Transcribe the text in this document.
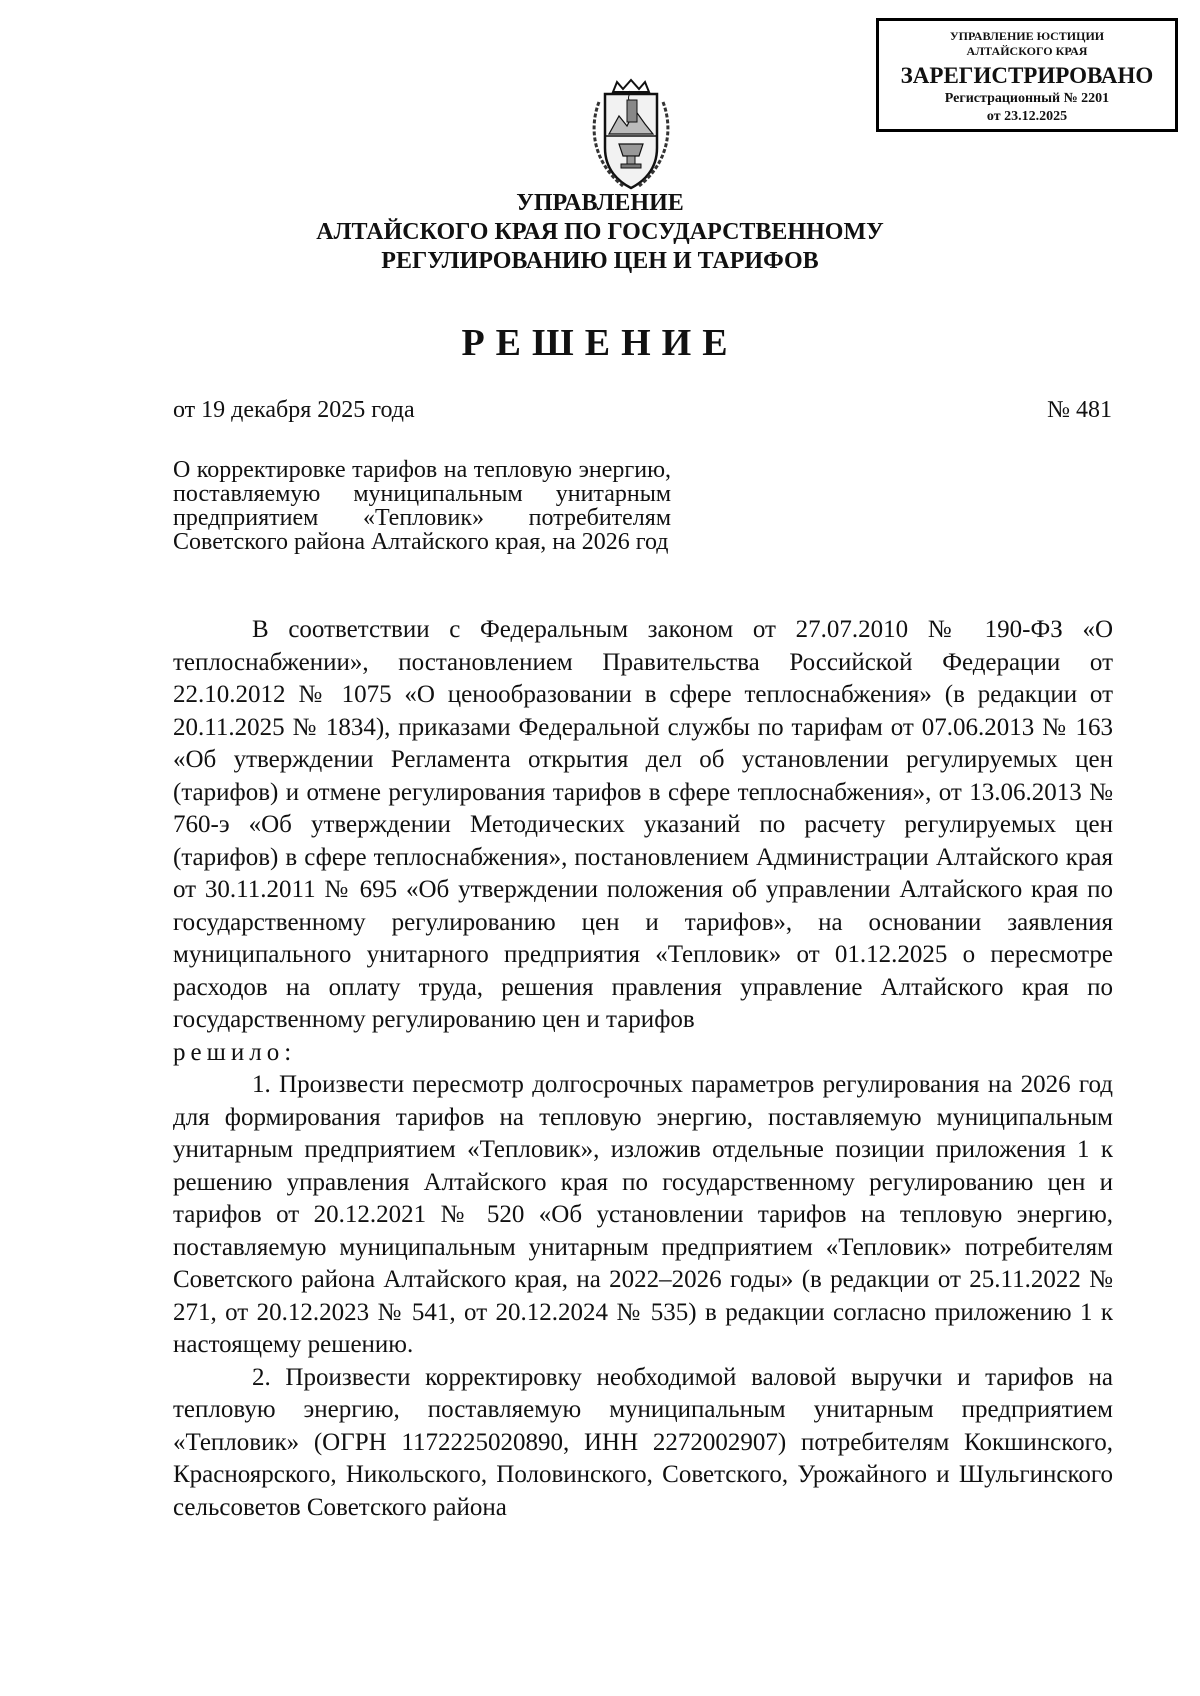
УПРАВЛЕНИЕ ЮСТИЦИИ
АЛТАЙСКОГО КРАЯ
ЗАРЕГИСТРИРОВАНО
Регистрационный № 2201
от 23.12.2025
УПРАВЛЕНИЕ
АЛТАЙСКОГО КРАЯ ПО ГОСУДАРСТВЕННОМУ
РЕГУЛИРОВАНИЮ ЦЕН И ТАРИФОВ
РЕШЕНИЕ
от 19 декабря 2025 года	№ 481
О корректировке тарифов на тепловую энергию, поставляемую муниципальным унитарным предприятием «Тепловик» потребителям Советского района Алтайского края, на 2026 год

В соответствии с Федеральным законом от 27.07.2010 № 190-ФЗ «О теплоснабжении», постановлением Правительства Российской Федерации от 22.10.2012 № 1075 «О ценообразовании в сфере теплоснабжения» (в редакции от 20.11.2025 № 1834), приказами Федеральной службы по тарифам от 07.06.2013 № 163 «Об утверждении Регламента открытия дел об установлении регулируемых цен (тарифов) и отмене регулирования тарифов в сфере теплоснабжения», от 13.06.2013 № 760-э «Об утверждении Методических указаний по расчету регулируемых цен (тарифов) в сфере теплоснабжения», постановлением Администрации Алтайского края от 30.11.2011 № 695 «Об утверждении положения об управлении Алтайского края по государственному регулированию цен и тарифов», на основании заявления муниципального унитарного предприятия «Тепловик» от 01.12.2025 о пересмотре расходов на оплату труда, решения правления управление Алтайского края по государственному регулированию цен и тарифов

решило:

1. Произвести пересмотр долгосрочных параметров регулирования на 2026 год для формирования тарифов на тепловую энергию, поставляемую муниципальным унитарным предприятием «Тепловик», изложив отдельные позиции приложения 1 к решению управления Алтайского края по государственному регулированию цен и тарифов от 20.12.2021 № 520 «Об установлении тарифов на тепловую энергию, поставляемую муниципальным унитарным предприятием «Тепловик» потребителям Советского района Алтайского края, на 2022–2026 годы» (в редакции от 25.11.2022 № 271, от 20.12.2023 № 541, от 20.12.2024 № 535) в редакции согласно приложению 1 к настоящему решению.

2. Произвести корректировку необходимой валовой выручки и тарифов на тепловую энергию, поставляемую муниципальным унитарным предприятием «Тепловик» (ОГРН 1172225020890, ИНН 2272002907) потребителям Кокшинского, Красноярского, Никольского, Половинского, Советского, Урожайного и Шульгинского сельсоветов Советского района
